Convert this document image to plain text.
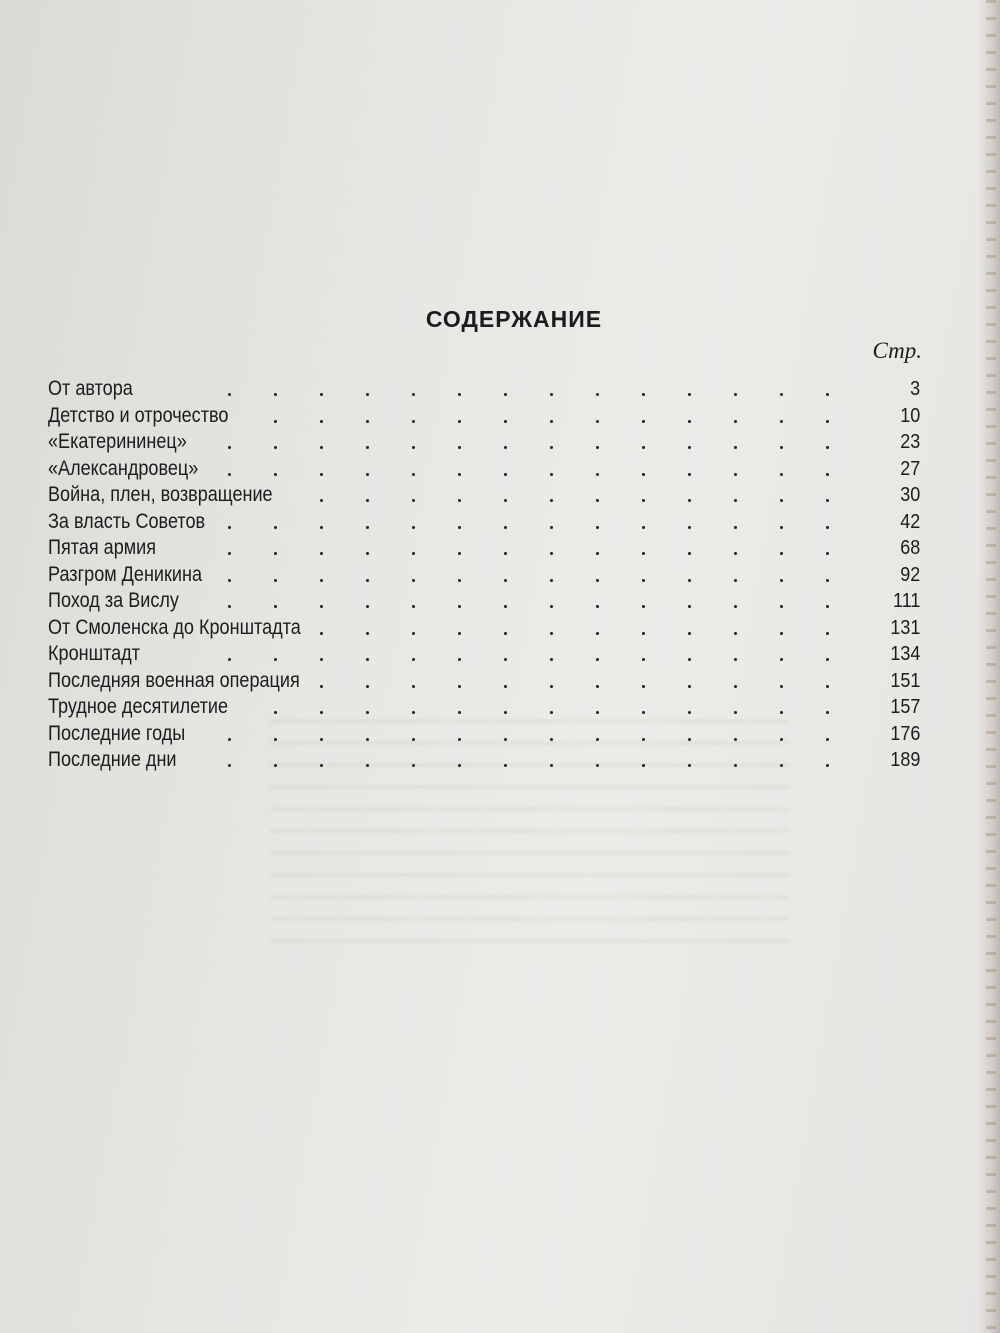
СОДЕРЖАНИЕ
Стр.
От автора	3
Детство и отрочество	10
«Екатерининец»	23
«Александровец»	27
Война, плен, возвращение	30
За власть Советов	42
Пятая армия	68
Разгром Деникина	92
Поход за Вислу	111
От Смоленска до Кронштадта	131
Кронштадт	134
Последняя военная операция	151
Трудное десятилетие	157
Последние годы	176
Последние дни	189
